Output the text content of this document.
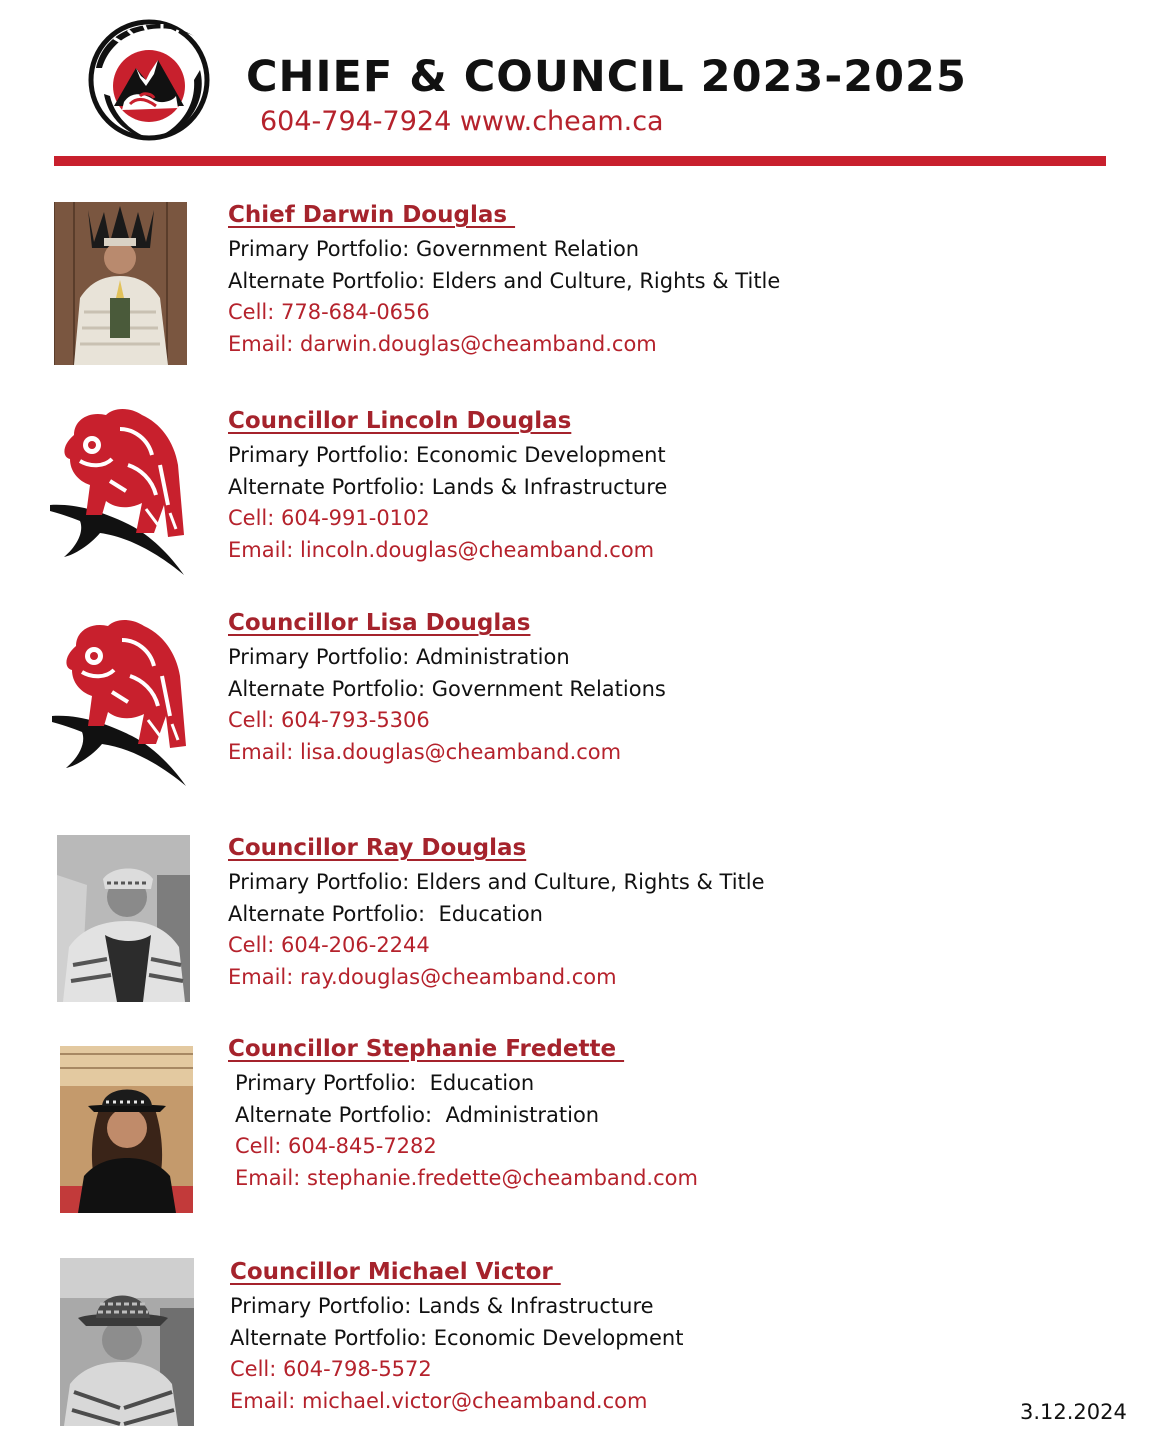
CHIEF & COUNCIL 2023-2025
604-794-7924 www.cheam.ca
Chief Darwin Douglas
Primary Portfolio: Government Relation
Alternate Portfolio: Elders and Culture, Rights & Title
Cell: 778-684-0656
Email: darwin.douglas@cheamband.com
Councillor Lincoln Douglas
Primary Portfolio: Economic Development
Alternate Portfolio: Lands & Infrastructure
Cell: 604-991-0102
Email: lincoln.douglas@cheamband.com
Councillor Lisa Douglas
Primary Portfolio: Administration
Alternate Portfolio: Government Relations
Cell: 604-793-5306
Email: lisa.douglas@cheamband.com
Councillor Ray Douglas
Primary Portfolio: Elders and Culture, Rights & Title
Alternate Portfolio:  Education
Cell: 604-206-2244
Email: ray.douglas@cheamband.com
Councillor Stephanie Fredette
Primary Portfolio:  Education
Alternate Portfolio:  Administration
Cell: 604-845-7282
Email: stephanie.fredette@cheamband.com
Councillor Michael Victor
Primary Portfolio: Lands & Infrastructure
Alternate Portfolio: Economic Development
Cell: 604-798-5572
Email: michael.victor@cheamband.com	3.12.2024
